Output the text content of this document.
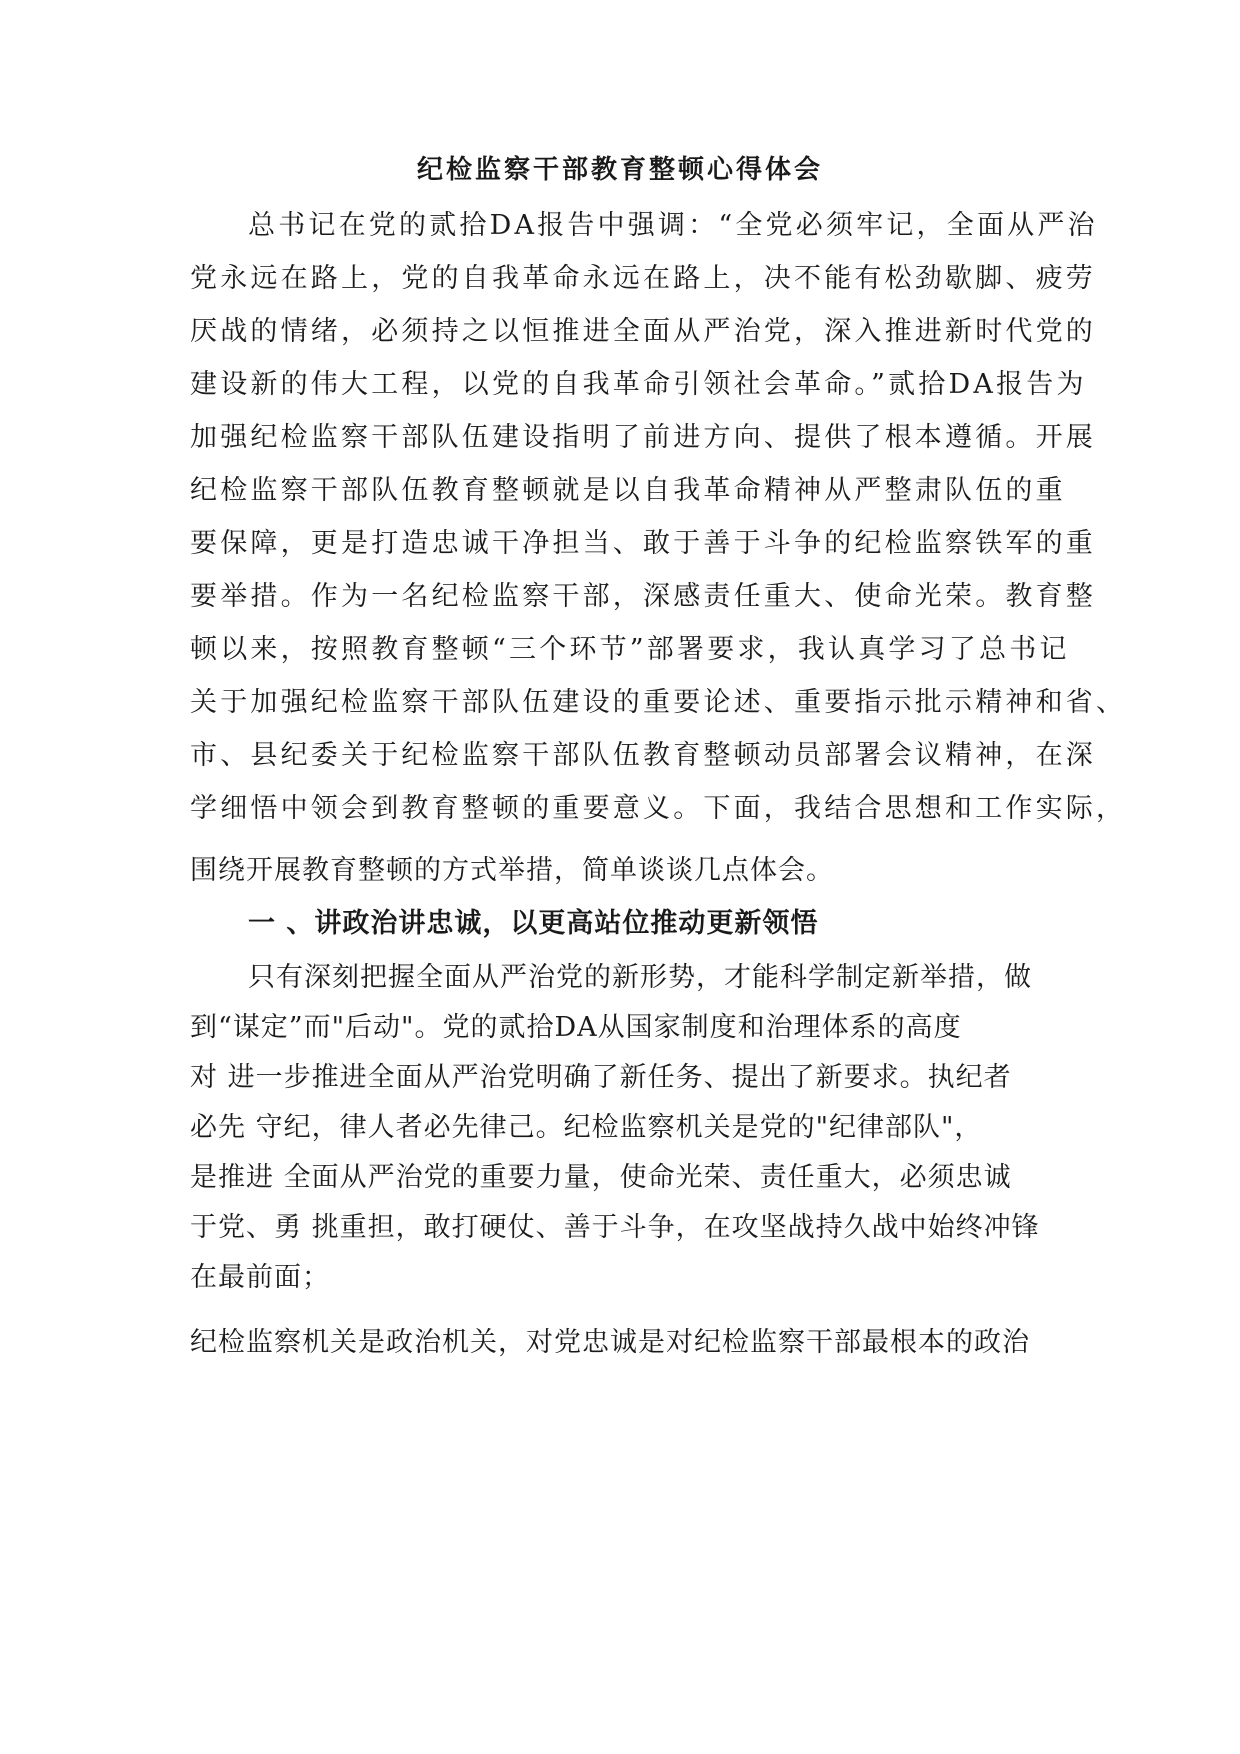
纪检监察干部教育整顿心得体会
总书记在党的贰拾DA报告中强调：“全党必须牢记，全面从严治
党永远在路上，党的自我革命永远在路上，决不能有松劲歇脚、疲劳
厌战的情绪，必须持之以恒推进全面从严治党，深入推进新时代党的
建设新的伟大工程，以党的自我革命引领社会革命。”贰拾DA报告为
加强纪检监察干部队伍建设指明了前进方向、提供了根本遵循。开展
纪检监察干部队伍教育整顿就是以自我革命精神从严整肃队伍的重
要保障，更是打造忠诚干净担当、敢于善于斗争的纪检监察铁军的重
要举措。作为一名纪检监察干部，深感责任重大、使命光荣。教育整
顿以来，按照教育整顿“三个环节”部署要求，我认真学习了总书记
关于加强纪检监察干部队伍建设的重要论述、重要指示批示精神和省、
市、县纪委关于纪检监察干部队伍教育整顿动员部署会议精神，在深
学细悟中领会到教育整顿的重要意义。下面，我结合思想和工作实际，
围绕开展教育整顿的方式举措，简单谈谈几点体会。
一 、讲政治讲忠诚，以更高站位推动更新领悟
只有深刻把握全面从严治党的新形势，才能科学制定新举措，做
到“谋定”而"后动"。党的贰拾DA从国家制度和治理体系的高度
对 进一步推进全面从严治党明确了新任务、提出了新要求。执纪者
必先 守纪，律人者必先律己。纪检监察机关是党的"纪律部队"，
是推进 全面从严治党的重要力量，使命光荣、责任重大，必须忠诚
于党、勇 挑重担，敢打硬仗、善于斗争，在攻坚战持久战中始终冲锋
在最前面；
纪检监察机关是政治机关，对党忠诚是对纪检监察干部最根本的政治
